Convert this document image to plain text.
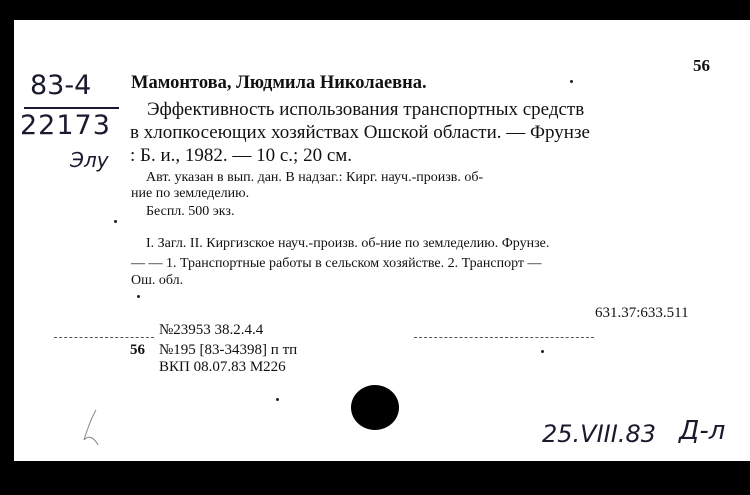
56
83-4
22173
Элу
Мамонтова, Людмила Николаевна.
Эффективность использования транспортных средств
в хлопкосеющих хозяйствах Ошской области. — Фрунзе
: Б. и., 1982. — 10 с.; 20 см.
Авт. указан в вып. дан. В надзаг.: Кирг. науч.-произв. об-
ние по земледелию.
Беспл. 500 экз.
I. Загл. II. Киргизское науч.-произв. об-ние по земледелию. Фрунзе.
— — 1. Транспортные работы в сельском хозяйстве. 2. Транспорт —
Ош. обл.
631.37:633.511
№23953 38.2.4.4
56 №195 [83-34398] п тп
ВКП 08.07.83 М226
25.VIII.83 Д-л
